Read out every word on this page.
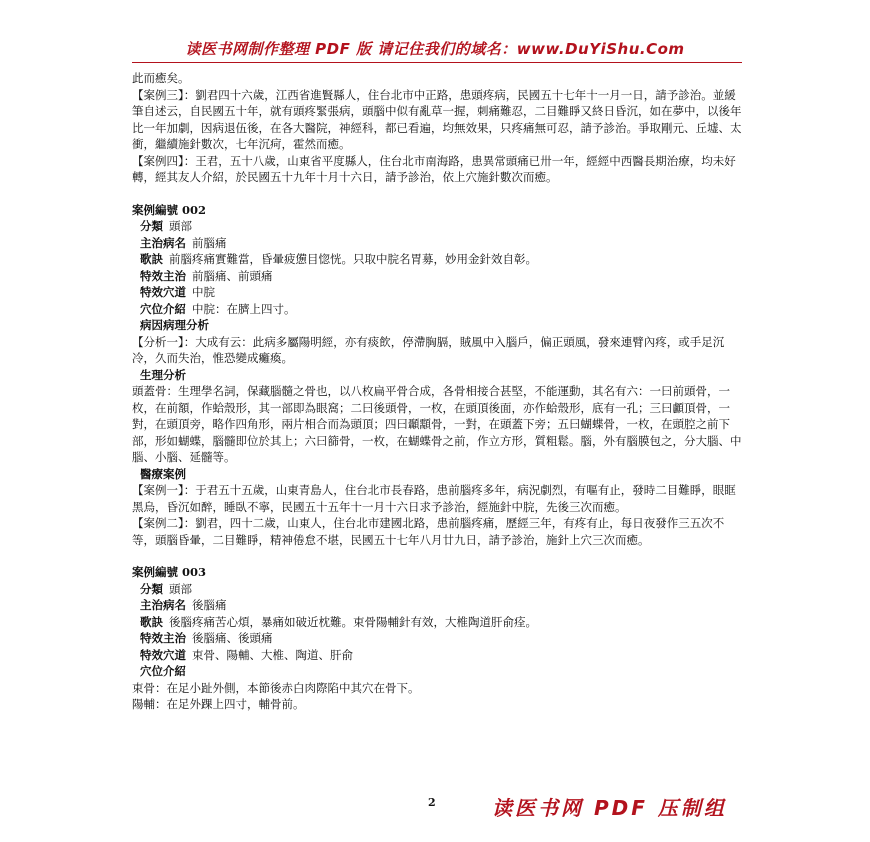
读医书网制作整理 PDF 版 请记住我们的域名：www.DuYiShu.Com

此而癒矣。

【案例三】：劉君四十六歲，江西省進賢縣人，住台北市中正路，患頭疼病，民國五十七年十一月一日，請予診治。並緩筆自述云，自民國五十年，就有頭疼緊張病，頭腦中似有亂草一握，刺痛難忍，二目難睜又終日昏沉，如在夢中，以後年比一年加劇，因病退伍後，在各大醫院，神經科，都已看遍，均無效果，只疼痛無可忍，請予診治。爭取剛元、丘墟、太衝，繼續施針數次，七年沉疴，霍然而癒。

【案例四】：王君，五十八歲，山東省平度縣人，住台北市南海路，患異常頭痛已卅一年，經經中西醫長期治療，均未好轉，經其友人介紹，於民國五十九年十月十六日，請予診治，依上穴施針數次而癒。

案例編號 002

分類 頭部

主治病名 前腦痛

歌訣 前腦疼痛實難當，昏暈疲憊目惚恍。只取中脘名胃募，妙用金針效自彰。

特效主治 前腦痛、前頭痛

特效穴道 中脘

穴位介紹 中脘：在臍上四寸。

病因病理分析

【分析一】：大成有云：此病多屬陽明經，亦有痰飲，停滯胸膈，賊風中入腦戶，偏正頭風，發來連臂內疼，或手足沉冷，久而失治，惟恐變成癱瘓。

生理分析

頭蓋骨：生理學名詞，保藏腦髓之骨也，以八枚扁平骨合成，各骨相接合甚堅，不能運動，其名有六：一曰前頭骨，一枚，在前額，作蛤殼形，其一部即為眼窩；二曰後頭骨，一枚，在頭頂後面，亦作蛤殼形，底有一孔；三曰顱頂骨，一對，在頭頂旁，略作四角形，兩片相合而為頭頂；四曰顳顬骨，一對，在頭蓋下旁；五曰蝴蝶骨，一枚，在頭腔之前下部，形如蝴蝶，腦髓即位於其上；六曰篩骨，一枚，在蝴蝶骨之前，作立方形，質粗鬆。腦，外有腦膜包之，分大腦、中腦、小腦、延髓等。

醫療案例

【案例一】：于君五十五歲，山東青島人，住台北市長春路，患前腦疼多年，病況劇烈，有嘔有止，發時二目難睜，眼眶黑烏，昏沉如醉，睡臥不寧，民國五十五年十一月十六日求予診治，經施針中脘，先後三次而癒。

【案例二】：劉君，四十二歲，山東人，住台北市建國北路，患前腦疼痛，歷經三年，有疼有止，每日夜發作三五次不等，頭腦昏暈，二目難睜，精神倦怠不堪，民國五十七年八月廿九日，請予診治，施針上穴三次而癒。

案例編號 003

分類 頭部

主治病名 後腦痛

歌訣 後腦疼痛苦心煩，暴痛如破近枕難。束骨陽輔針有效，大椎陶道肝俞痊。

特效主治 後腦痛、後頭痛

特效穴道 束骨、陽輔、大椎、陶道、肝俞

穴位介紹

束骨：在足小趾外側，本節後赤白肉際陷中其穴在骨下。

陽輔：在足外踝上四寸，輔骨前。

2	读医书网 PDF 压制组
